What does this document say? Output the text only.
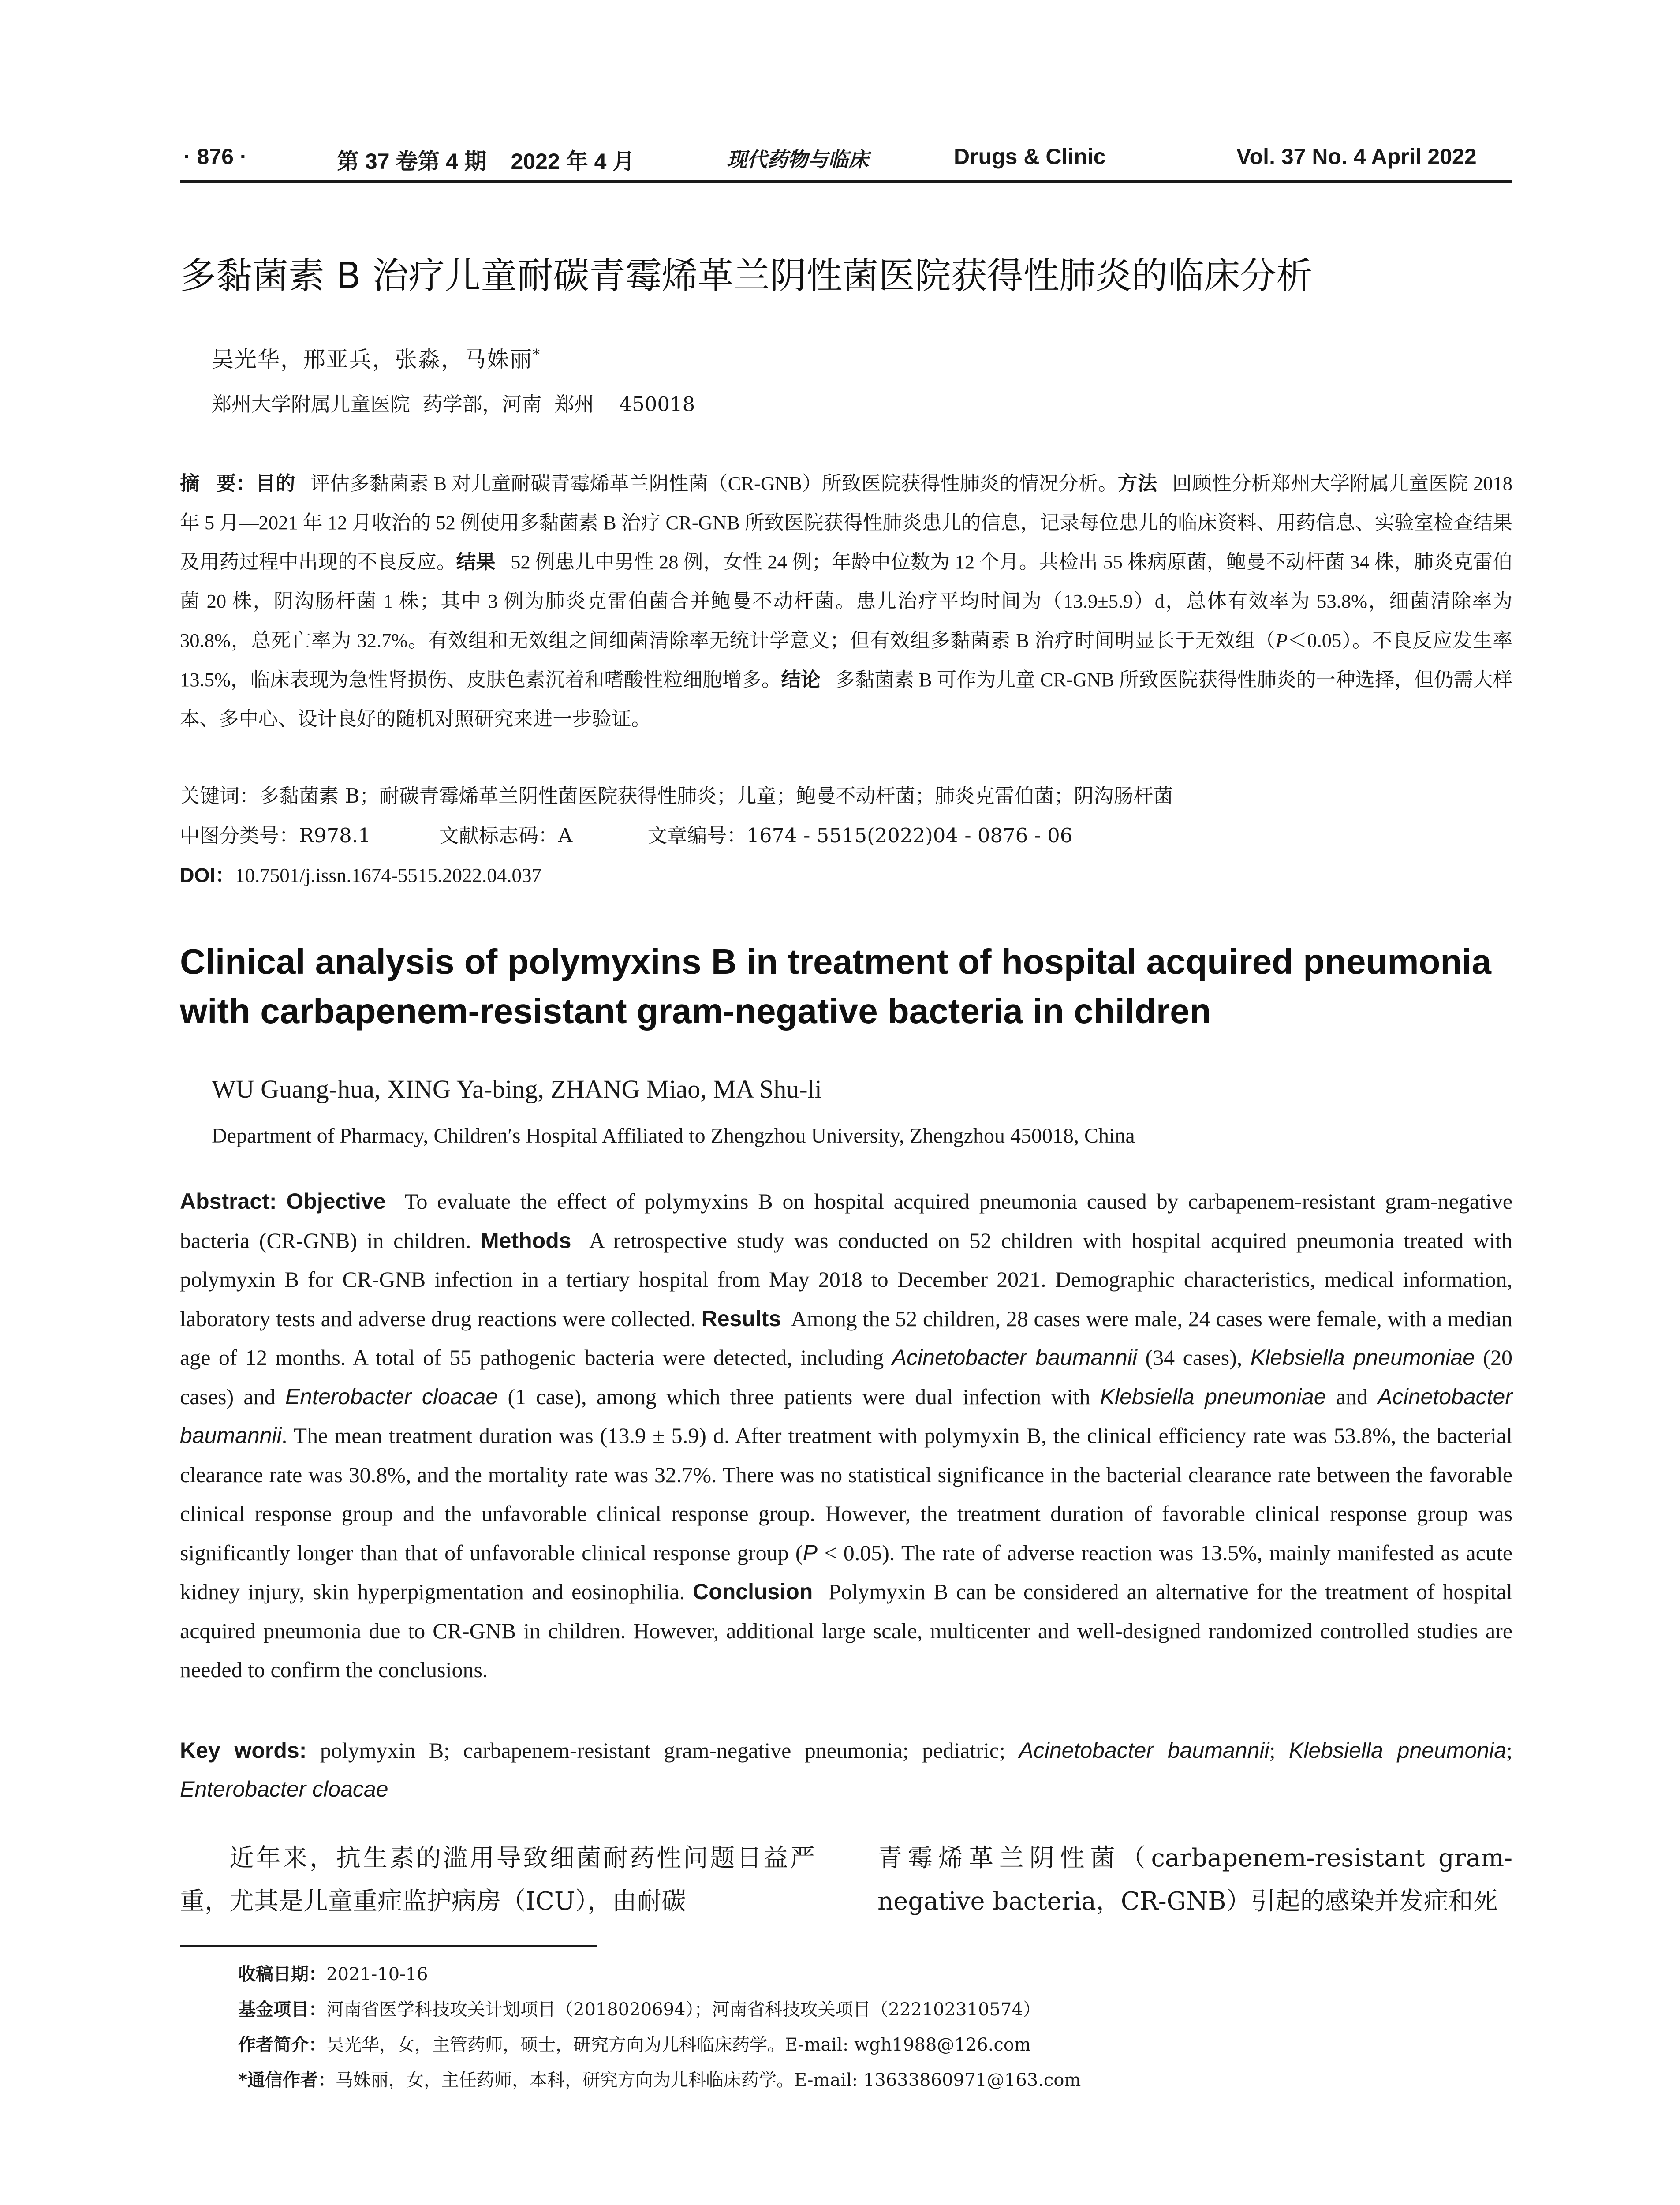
· 876 ·	第 37 卷第 4 期    2022 年 4 月	现代药物与临床	Drugs & Clinic	Vol. 37 No. 4 April 2022
多黏菌素 B 治疗儿童耐碳青霉烯革兰阴性菌医院获得性肺炎的临床分析
吴光华，邢亚兵，张淼，马姝丽*
郑州大学附属儿童医院  药学部，河南  郑州    450018
摘   要：目的   评估多黏菌素 B 对儿童耐碳青霉烯革兰阴性菌（CR-GNB）所致医院获得性肺炎的情况分析。方法   回顾性分析郑州大学附属儿童医院 2018 年 5 月—2021 年 12 月收治的 52 例使用多黏菌素 B 治疗 CR-GNB 所致医院获得性肺炎患儿的信息，记录每位患儿的临床资料、用药信息、实验室检查结果及用药过程中出现的不良反应。结果   52 例患儿中男性 28 例，女性 24 例；年龄中位数为 12 个月。共检出 55 株病原菌，鲍曼不动杆菌 34 株，肺炎克雷伯菌 20 株，阴沟肠杆菌 1 株；其中 3 例为肺炎克雷伯菌合并鲍曼不动杆菌。患儿治疗平均时间为（13.9±5.9）d，总体有效率为 53.8%，细菌清除率为 30.8%，总死亡率为 32.7%。有效组和无效组之间细菌清除率无统计学意义；但有效组多黏菌素 B 治疗时间明显长于无效组（P＜0.05）。不良反应发生率 13.5%，临床表现为急性肾损伤、皮肤色素沉着和嗜酸性粒细胞增多。结论   多黏菌素 B 可作为儿童 CR-GNB 所致医院获得性肺炎的一种选择，但仍需大样本、多中心、设计良好的随机对照研究来进一步验证。
关键词：多黏菌素 B；耐碳青霉烯革兰阴性菌医院获得性肺炎；儿童；鲍曼不动杆菌；肺炎克雷伯菌；阴沟肠杆菌
中图分类号：R978.1	文献标志码：A	文章编号：1674 - 5515(2022)04 - 0876 - 06
DOI：10.7501/j.issn.1674-5515.2022.04.037
Clinical analysis of polymyxins B in treatment of hospital acquired pneumonia with carbapenem-resistant gram-negative bacteria in children
WU Guang-hua, XING Ya-bing, ZHANG Miao, MA Shu-li
Department of Pharmacy, Children′s Hospital Affiliated to Zhengzhou University, Zhengzhou 450018, China
Abstract: Objective  To evaluate the effect of polymyxins B on hospital acquired pneumonia caused by carbapenem-resistant gram-negative bacteria (CR-GNB) in children. Methods  A retrospective study was conducted on 52 children with hospital acquired pneumonia treated with polymyxin B for CR-GNB infection in a tertiary hospital from May 2018 to December 2021. Demographic characteristics, medical information, laboratory tests and adverse drug reactions were collected. Results  Among the 52 children, 28 cases were male, 24 cases were female, with a median age of 12 months. A total of 55 pathogenic bacteria were detected, including Acinetobacter baumannii (34 cases), Klebsiella pneumoniae (20 cases) and Enterobacter cloacae (1 case), among which three patients were dual infection with Klebsiella pneumoniae and Acinetobacter baumannii. The mean treatment duration was (13.9 ± 5.9) d. After treatment with polymyxin B, the clinical efficiency rate was 53.8%, the bacterial clearance rate was 30.8%, and the mortality rate was 32.7%. There was no statistical significance in the bacterial clearance rate between the favorable clinical response group and the unfavorable clinical response group. However, the treatment duration of favorable clinical response group was significantly longer than that of unfavorable clinical response group (P < 0.05). The rate of adverse reaction was 13.5%, mainly manifested as acute kidney injury, skin hyperpigmentation and eosinophilia. Conclusion  Polymyxin B can be considered an alternative for the treatment of hospital acquired pneumonia due to CR-GNB in children. However, additional large scale, multicenter and well-designed randomized controlled studies are needed to confirm the conclusions.
Key words: polymyxin B; carbapenem-resistant gram-negative pneumonia; pediatric; Acinetobacter baumannii; Klebsiella pneumonia; Enterobacter cloacae
近年来，抗生素的滥用导致细菌耐药性问题日益严重，尤其是儿童重症监护病房（ICU），由耐碳
青霉烯革兰阴性菌（carbapenem-resistant gram-negative bacteria，CR-GNB）引起的感染并发症和死
收稿日期：2021-10-16
基金项目：河南省医学科技攻关计划项目（2018020694）；河南省科技攻关项目（222102310574）
作者简介：吴光华，女，主管药师，硕士，研究方向为儿科临床药学。E-mail: wgh1988@126.com
*通信作者：马姝丽，女，主任药师，本科，研究方向为儿科临床药学。E-mail: 13633860971@163.com
